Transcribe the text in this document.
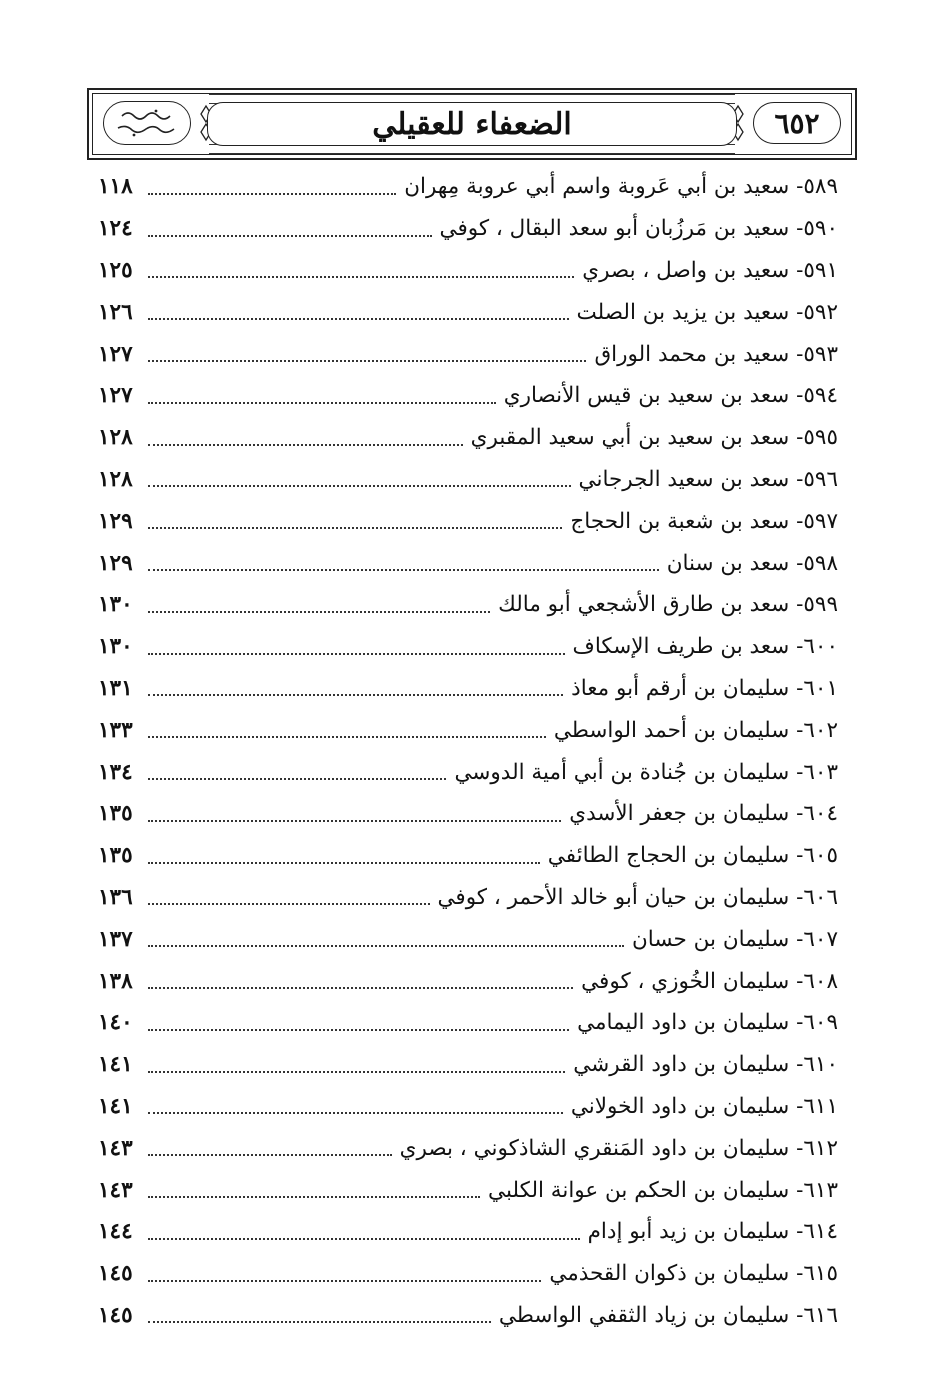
٦٥٢
الضعفاء للعقيلي
٥٨٩- سعيد بن أبي عَروبة واسم أبي عروبة مِهران
١١٨
٥٩٠- سعيد بن مَرزُبان أبو سعد البقال ، كوفي
١٢٤
٥٩١- سعيد بن واصل ، بصري
١٢٥
٥٩٢- سعيد بن يزيد بن الصلت
١٢٦
٥٩٣- سعيد بن محمد الوراق
١٢٧
٥٩٤- سعد بن سعيد بن قيس الأنصاري
١٢٧
٥٩٥- سعد بن سعيد بن أبي سعيد المقبري
١٢٨
٥٩٦- سعد بن سعيد الجرجاني
١٢٨
٥٩٧- سعد بن شعبة بن الحجاج
١٢٩
٥٩٨- سعد بن سنان
١٢٩
٥٩٩- سعد بن طارق الأشجعي أبو مالك
١٣٠
٦٠٠- سعد بن طريف الإسكاف
١٣٠
٦٠١- سليمان بن أرقم أبو معاذ
١٣١
٦٠٢- سليمان بن أحمد الواسطي
١٣٣
٦٠٣- سليمان بن جُنادة بن أبي أمية الدوسي
١٣٤
٦٠٤- سليمان بن جعفر الأسدي
١٣٥
٦٠٥- سليمان بن الحجاج الطائفي
١٣٥
٦٠٦- سليمان بن حيان أبو خالد الأحمر ، كوفي
١٣٦
٦٠٧- سليمان بن حسان
١٣٧
٦٠٨- سليمان الخُوزي ، كوفي
١٣٨
٦٠٩- سليمان بن داود اليمامي
١٤٠
٦١٠- سليمان بن داود القرشي
١٤١
٦١١- سليمان بن داود الخولاني
١٤١
٦١٢- سليمان بن داود المَنقري الشاذكوني ، بصري
١٤٣
٦١٣- سليمان بن الحكم بن عوانة الكلبي
١٤٣
٦١٤- سليمان بن زيد أبو إدام
١٤٤
٦١٥- سليمان بن ذكوان القحذمي
١٤٥
٦١٦- سليمان بن زياد الثقفي الواسطي
١٤٥
